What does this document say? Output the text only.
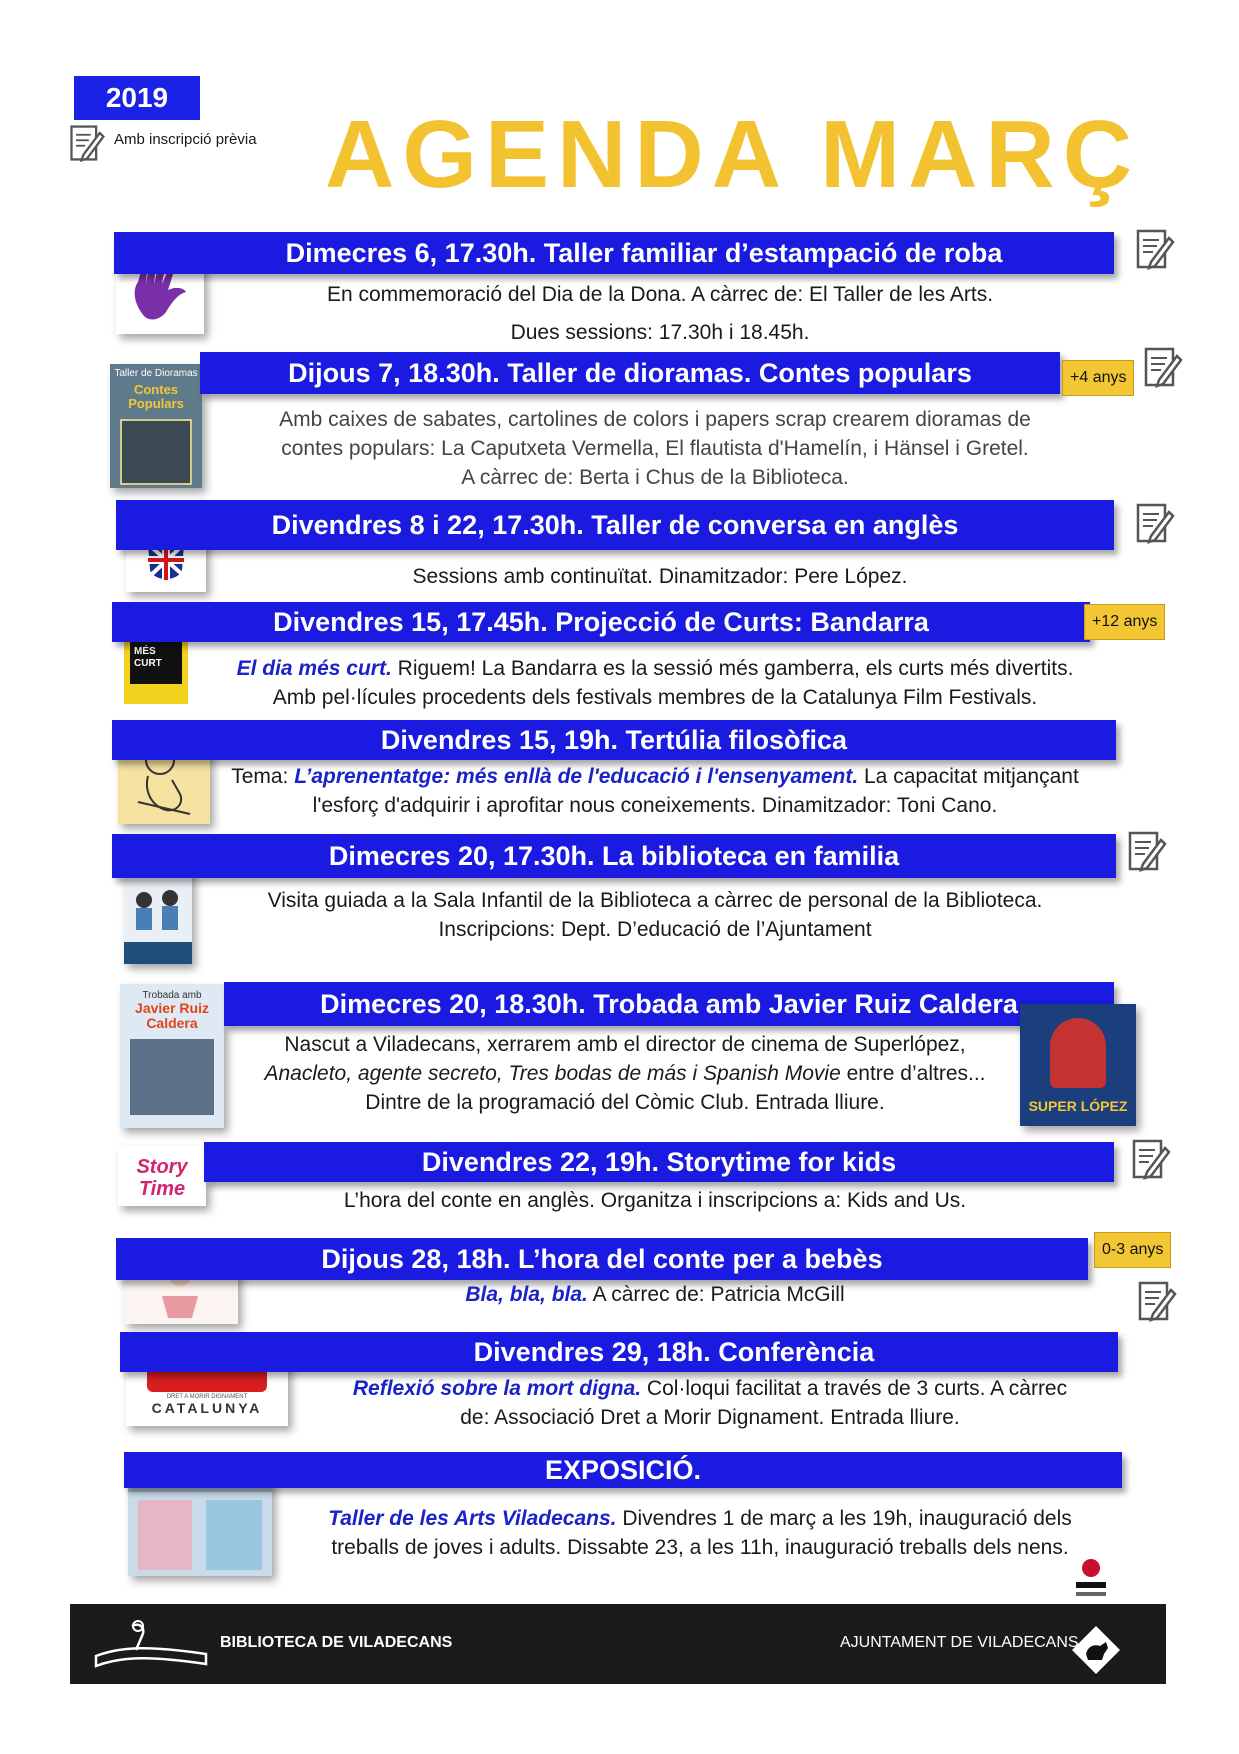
2019
Amb inscripció prèvia AGENDA MARÇ
Dimecres 6, 17.30h. Taller familiar d’estampació de roba
En commemoració del Dia de la Dona. A càrrec de: El Taller de les Arts.
Dues sessions: 17.30h i 18.45h.
Taller de Dioramas
Contes Populars
Dijous 7, 18.30h. Taller de dioramas. Contes populars	+4 anys
Amb caixes de sabates, cartolines de colors i papers scrap crearem dioramas de
contes populars: La Caputxeta Vermella, El flautista d'Hamelín, i Hänsel i Gretel.
A càrrec de: Berta i Chus de la Biblioteca.
Divendres 8 i 22, 17.30h. Taller de conversa en anglès
Sessions amb continuïtat. Dinamitzador: Pere López.
MÉS
CURT
Divendres 15, 17.45h. Projecció de Curts: Bandarra	+12 anys
El dia més curt. Riguem! La Bandarra es la sessió més gamberra, els curts més divertits.
Amb pel·lícules procedents dels festivals membres de la Catalunya Film Festivals.
Divendres 15, 19h. Tertúlia filosòfica
Tema: L’aprenentatge: més enllà de l'educació i l'ensenyament. La capacitat mitjançant
l'esforç d'adquirir i aprofitar nous coneixements. Dinamitzador: Toni Cano.
Dimecres 20, 17.30h. La biblioteca en familia
Visita guiada a la Sala Infantil de la Biblioteca a càrrec de personal de la Biblioteca.
Inscripcions: Dept. D’educació de l’Ajuntament
Trobada amb
Javier Ruiz Caldera
Dimecres 20, 18.30h. Trobada amb Javier Ruiz Caldera
SUPER LÓPEZ
Nascut a Viladecans, xerrarem amb el director de cinema de Superlópez,
Anacleto, agente secreto, Tres bodas de más i Spanish Movie entre d’altres...
Dintre de la programació del Còmic Club. Entrada lliure.
Story Time
Divendres 22, 19h. Storytime for kids
L’hora del conte en anglès. Organitza i inscripcions a: Kids and Us.
Dijous 28, 18h. L’hora del conte per a bebès	0-3 anys
Bla, bla, bla. A càrrec de: Patricia McGill
DRET A MORIR DIGNAMENT
CATALUNYA
Divendres 29, 18h. Conferència
Reflexió sobre la mort digna. Col·loqui facilitat a través de 3 curts. A càrrec
de: Associació Dret a Morir Dignament. Entrada lliure.
EXPOSICIÓ.
Taller de les Arts Viladecans. Divendres 1 de març a les 19h, inauguració dels
treballs de joves i adults. Dissabte 23, a les 11h, inauguració treballs dels nens.
BIBLIOTECA DE VILADECANS	AJUNTAMENT DE VILADECANS
